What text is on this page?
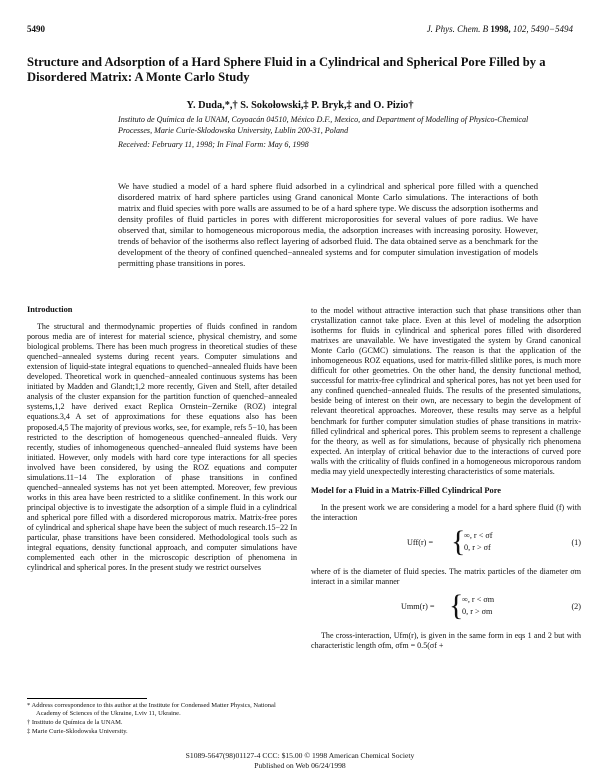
5490	J. Phys. Chem. B 1998, 102, 5490−5494
Structure and Adsorption of a Hard Sphere Fluid in a Cylindrical and Spherical Pore Filled by a Disordered Matrix: A Monte Carlo Study
Y. Duda,*,† S. Sokołowski,‡ P. Bryk,‡ and O. Pizio†
Instituto de Química de la UNAM, Coyoacán 04510, México D.F., Mexico, and Department of Modelling of Physico-Chemical Processes, Marie Curie-Sklodowska University, Lublin 200-31, Poland
Received: February 11, 1998; In Final Form: May 6, 1998
We have studied a model of a hard sphere fluid adsorbed in a cylindrical and spherical pore filled with a quenched disordered matrix of hard sphere particles using Grand canonical Monte Carlo simulations. The interactions of both matrix and fluid species with pore walls are assumed to be of a hard sphere type. We discuss the adsorption isotherms and density profiles of fluid particles in pores with different microporosities for several values of pore radius. We have observed that, similar to homogeneous microporous media, the adsorption increases with increasing porosity. However, trends of behavior of the isotherms also reflect layering of adsorbed fluid. The data obtained serve as a benchmark for the development of the theory of confined quenched−annealed systems and for computer simulation investigation of models permitting phase transitions in pores.
Introduction

The structural and thermodynamic properties of fluids confined in random porous media are of interest for material science, physical chemistry, and some biological problems. There has been much progress in theoretical studies of these quenched−annealed systems during recent years. Computer simulations and extension of liquid-state integral equations to quenched−annealed fluids have been developed. Theoretical work in quenched−annealed continuous systems has been initiated by Madden and Glandt;1,2 more recently, Given and Stell, after detailed analysis of the cluster expansion for the partition function of quenched−annealed systems,1,2 have derived exact Replica Ornstein−Zernike (ROZ) integral equations.3,4 A set of approximations for these equations also has been proposed.4,5 The majority of previous works, see, for example, refs 5−10, has been restricted to the description of homogeneous quenched−annealed fluids. Very recently, studies of inhomogeneous quenched−annealed fluid systems have been initiated. However, only models with hard core type interactions for all species involved have been considered, by using the ROZ equations and computer simulations.11−14 The exploration of phase transitions in confined quenched−annealed systems has not yet been attempted. Moreover, few previous works in this area have been restricted to a slitlike confinement. In this work our principal objective is to investigate the adsorption of a simple fluid in a cylindrical and spherical pore filled with a disordered microporous matrix. Matrix-free pores of cylindrical and spherical shape have been the subject of much research.15−22 In particular, phase transitions have been considered. Methodological tools such as integral equations, density functional approach, and computer simulations have complemented each other in the microscopic description of phenomena in cylindrical and spherical pores. In the present study we restrict ourselves

to the model without attractive interaction such that phase transitions other than crystallization cannot take place. Even at this level of modeling the adsorption isotherms for fluids in cylindrical and spherical pores filled with disordered matrixes are unavailable. We have investigated the system by Grand canonical Monte Carlo (GCMC) simulations. The reason is that the application of the inhomogeneous ROZ equations, used for matrix-filled slitlike pores, is much more difficult for other geometries. On the other hand, the density functional method, successful for matrix-free cylindrical and spherical pores, has not yet been used for any confined quenched−annealed fluids. The results of the presented simulations, beside being of interest on their own, are necessary to begin the development of relevant theoretical approaches. Moreover, these results may serve as a helpful benchmark for further computer simulation studies of phase transitions in matrix-filled cylindrical and spherical pores. This problem seems to represent a challenge for the theory, as well as for simulations, because of physically rich phenomena expected. An interplay of critical behavior due to the interactions of curved pore walls with the criticality of fluids confined in a homogeneous microporous random media may yield unexpectedly interesting characteristics of some materials.

Model for a Fluid in a Matrix-Filled Cylindrical Pore

In the present work we are considering a model for a hard sphere fluid (f) with the interaction

Uff(r) = {
∞, r < σf
0, r > σf
(1)

where σf is the diameter of fluid species. The matrix particles of the diameter σm interact in a similar manner

Umm(r) = {
∞, r < σm
0, r > σm
(2)

The cross-interaction, Ufm(r), is given in the same form in eqs 1 and 2 but with characteristic length σfm, σfm = 0.5(σf +

* Address correspondence to this author at the Institute for Condensed Matter Physics, National Academy of Sciences of the Ukraine, Lviv 11, Ukraine.

† Instituto de Química de la UNAM.

‡ Marie Curie-Sklodowska University.

S1089-5647(98)01127-4 CCC: $15.00 © 1998 American Chemical Society
Published on Web 06/24/1998
